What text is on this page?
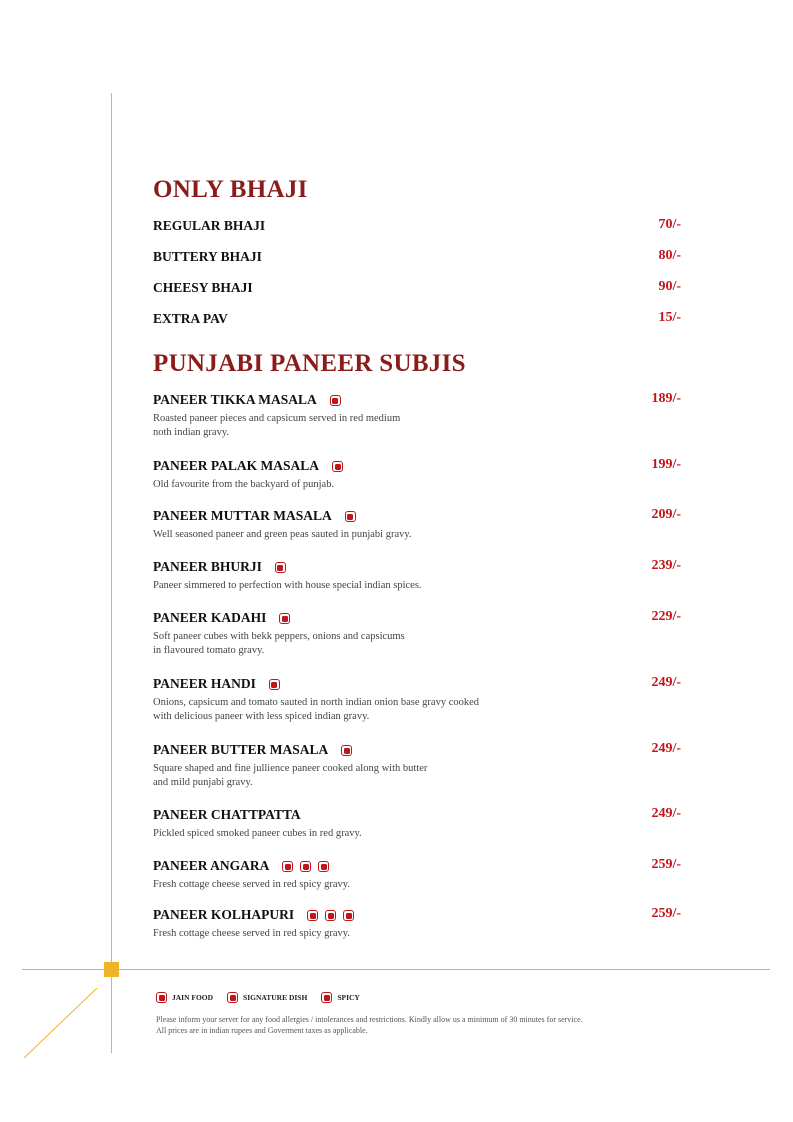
ONLY BHAJI
REGULAR BHAJI	70/-
BUTTERY BHAJI	80/-
CHEESY BHAJI	90/-
EXTRA PAV	15/-
PUNJABI PANEER SUBJIS
PANEER TIKKA MASALA	189/-
Roasted paneer pieces and capsicum served in red medium
noth indian gravy.
PANEER PALAK MASALA	199/-
Old favourite from the backyard of punjab.
PANEER MUTTAR MASALA	209/-
Well seasoned paneer and green peas sauted in punjabi gravy.
PANEER BHURJI	239/-
Paneer simmered to perfection with house special indian spices.
PANEER KADAHI	229/-
Soft paneer cubes with bekk peppers, onions and capsicums
in flavoured tomato gravy.
PANEER HANDI	249/-
Onions, capsicum and tomato sauted in north indian onion base gravy cooked
with delicious paneer with less spiced indian gravy.
PANEER BUTTER MASALA	249/-
Square shaped and fine jullience paneer cooked along with butter
and mild punjabi gravy.
PANEER CHATTPATTA	249/-
Pickled spiced smoked paneer cubes in red gravy.
PANEER ANGARA	259/-
Fresh cottage cheese served in red spicy gravy.
PANEER KOLHAPURI	259/-
Fresh cottage cheese served in red spicy gravy.
JAIN FOOD	SIGNATURE DISH	SPICY
Please inform your server for any food allergies / intolerances and restrictions. Kindly allow us a minimum of 30 minutes for service.
All prices are in indian rupees and Goverment taxes as applicable.
